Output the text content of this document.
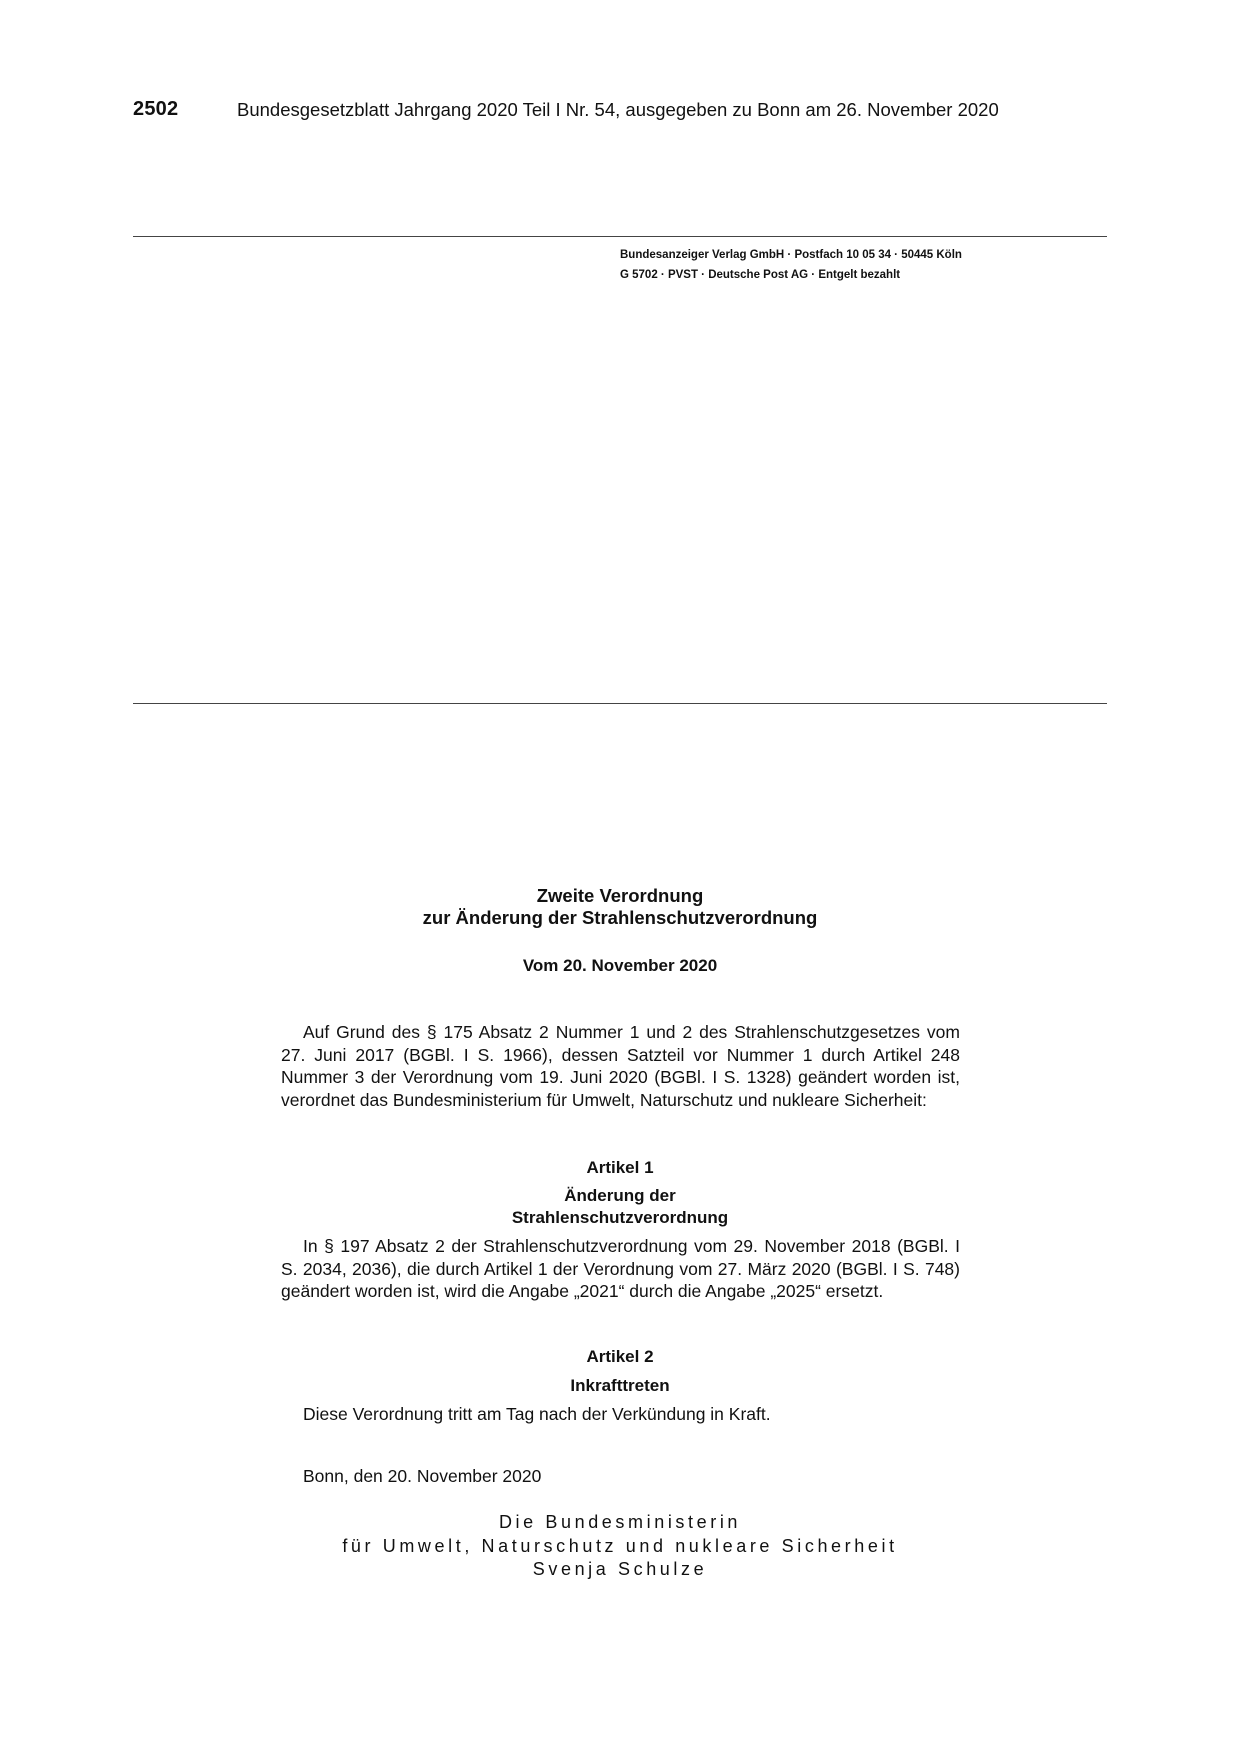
2502	Bundesgesetzblatt Jahrgang 2020 Teil I Nr. 54, ausgegeben zu Bonn am 26. November 2020
Bundesanzeiger Verlag GmbH · Postfach 10 05 34 · 50445 Köln
G 5702 · PVST · Deutsche Post AG · Entgelt bezahlt
Zweite Verordnung
zur Änderung der Strahlenschutzverordnung
Vom 20. November 2020

Auf Grund des § 175 Absatz 2 Nummer 1 und 2 des Strahlenschutzgesetzes vom 27. Juni 2017 (BGBl. I S. 1966), dessen Satzteil vor Nummer 1 durch Artikel 248 Nummer 3 der Verordnung vom 19. Juni 2020 (BGBl. I S. 1328) geändert worden ist, verordnet das Bundesministerium für Umwelt, Naturschutz und nukleare Sicherheit:

Artikel 1
Änderung der
Strahlenschutzverordnung

In § 197 Absatz 2 der Strahlenschutzverordnung vom 29. November 2018 (BGBl. I S. 2034, 2036), die durch Artikel 1 der Verordnung vom 27. März 2020 (BGBl. I S. 748) geändert worden ist, wird die Angabe „2021“ durch die Angabe „2025“ ersetzt.

Artikel 2
Inkrafttreten

Diese Verordnung tritt am Tag nach der Verkündung in Kraft.

Bonn, den 20. November 2020
Die Bundesministerin
für Umwelt, Naturschutz und nukleare Sicherheit
Svenja Schulze
